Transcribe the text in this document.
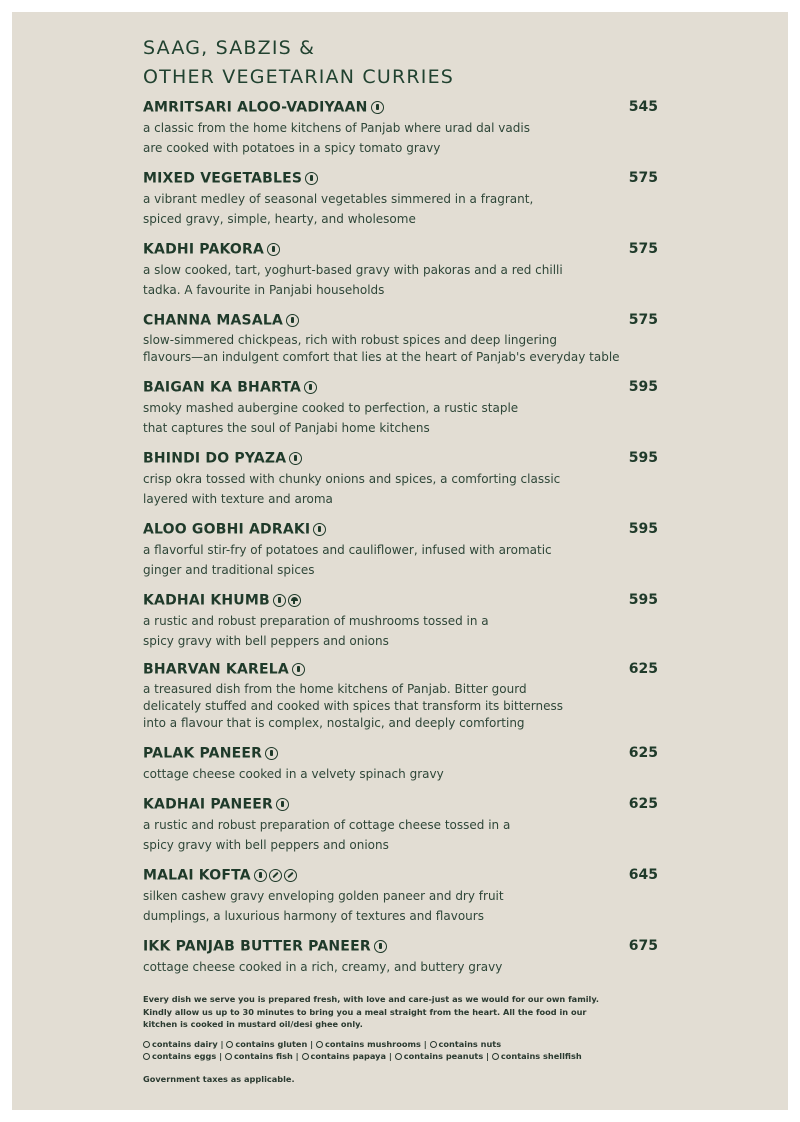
SAAG, SABZIS &
OTHER VEGETARIAN CURRIES
AMRITSARI ALOO-VADIYAAN	545
a classic from the home kitchens of Panjab where urad dal vadis
are cooked with potatoes in a spicy tomato gravy
MIXED VEGETABLES	575
a vibrant medley of seasonal vegetables simmered in a fragrant,
spiced gravy, simple, hearty, and wholesome
KADHI PAKORA	575
a slow cooked, tart, yoghurt-based gravy with pakoras and a red chilli
tadka. A favourite in Panjabi households
CHANNA MASALA	575
slow-simmered chickpeas, rich with robust spices and deep lingering
flavours—an indulgent comfort that lies at the heart of Panjab's everyday table
BAIGAN KA BHARTA	595
smoky mashed aubergine cooked to perfection, a rustic staple
that captures the soul of Panjabi home kitchens
BHINDI DO PYAZA	595
crisp okra tossed with chunky onions and spices, a comforting classic
layered with texture and aroma
ALOO GOBHI ADRAKI	595
a flavorful stir-fry of potatoes and cauliflower, infused with aromatic
ginger and traditional spices
KADHAI KHUMB	595
a rustic and robust preparation of mushrooms tossed in a
spicy gravy with bell peppers and onions
BHARVAN KARELA	625
a treasured dish from the home kitchens of Panjab. Bitter gourd
delicately stuffed and cooked with spices that transform its bitterness
into a flavour that is complex, nostalgic, and deeply comforting
PALAK PANEER	625
cottage cheese cooked in a velvety spinach gravy
KADHAI PANEER	625
a rustic and robust preparation of cottage cheese tossed in a
spicy gravy with bell peppers and onions
MALAI KOFTA	645
silken cashew gravy enveloping golden paneer and dry fruit
dumplings, a luxurious harmony of textures and flavours
IKK PANJAB BUTTER PANEER	675
cottage cheese cooked in a rich, creamy, and buttery gravy

Every dish we serve you is prepared fresh, with love and care-just as we would for our own family.
Kindly allow us up to 30 minutes to bring you a meal straight from the heart. All the food in our
kitchen is cooked in mustard oil/desi ghee only.

contains dairy | contains gluten | contains mushrooms | contains nuts
contains eggs | contains fish | contains papaya | contains peanuts | contains shellfish

Government taxes as applicable.
